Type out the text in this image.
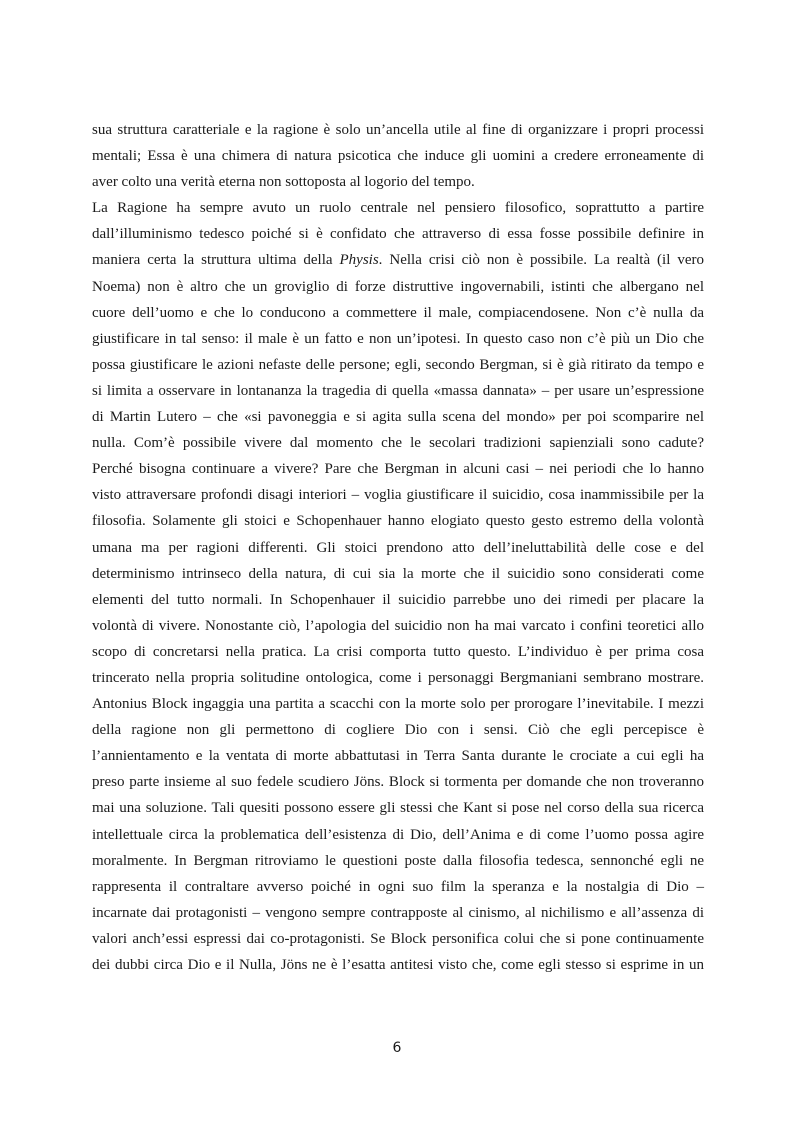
sua struttura caratteriale e la ragione è solo un’ancella utile al fine di organizzare i propri processi
mentali; Essa è una chimera di natura psicotica che induce gli uomini a credere erroneamente di
aver colto una verità eterna non sottoposta al logorio del tempo.
La Ragione ha sempre avuto un ruolo centrale nel pensiero filosofico, soprattutto a partire
dall’illuminismo tedesco poiché si è confidato che attraverso di essa fosse possibile definire in
maniera certa la struttura ultima della Physis. Nella crisi ciò non è possibile. La realtà (il vero
Noema) non è altro che un groviglio di forze distruttive ingovernabili, istinti che albergano nel
cuore dell’uomo e che lo conducono a commettere il male, compiacendosene. Non c’è nulla da
giustificare in tal senso: il male è un fatto e non un’ipotesi. In questo caso non c’è più un Dio che
possa giustificare le azioni nefaste delle persone; egli, secondo Bergman, si è già ritirato da tempo e
si limita a osservare in lontananza la tragedia di quella «massa dannata» – per usare un’espressione
di Martin Lutero – che «si pavoneggia e si agita sulla scena del mondo» per poi scomparire nel
nulla. Com’è possibile vivere dal momento che le secolari tradizioni sapienziali sono cadute?
Perché bisogna continuare a vivere? Pare che Bergman in alcuni casi – nei periodi che lo hanno
visto attraversare profondi disagi interiori – voglia giustificare il suicidio, cosa inammissibile per la
filosofia. Solamente gli stoici e Schopenhauer hanno elogiato questo gesto estremo della volontà
umana ma per ragioni differenti. Gli stoici prendono atto dell’ineluttabilità delle cose e del
determinismo intrinseco della natura, di cui sia la morte che il suicidio sono considerati come
elementi del tutto normali. In Schopenhauer il suicidio parrebbe uno dei rimedi per placare la
volontà di vivere. Nonostante ciò, l’apologia del suicidio non ha mai varcato i confini teoretici allo
scopo di concretarsi nella pratica. La crisi comporta tutto questo. L’individuo è per prima cosa
trincerato nella propria solitudine ontologica, come i personaggi Bergmaniani sembrano mostrare.
Antonius Block ingaggia una partita a scacchi con la morte solo per prorogare l’inevitabile. I mezzi
della ragione non gli permettono di cogliere Dio con i sensi. Ciò che egli percepisce è
l’annientamento e la ventata di morte abbattutasi in Terra Santa durante le crociate a cui egli ha
preso parte insieme al suo fedele scudiero Jöns. Block si tormenta per domande che non troveranno
mai una soluzione. Tali quesiti possono essere gli stessi che Kant si pose nel corso della sua ricerca
intellettuale circa la problematica dell’esistenza di Dio, dell’Anima e di come l’uomo possa agire
moralmente. In Bergman ritroviamo le questioni poste dalla filosofia tedesca, sennonché egli ne
rappresenta il contraltare avverso poiché in ogni suo film la speranza e la nostalgia di Dio –
incarnate dai protagonisti – vengono sempre contrapposte al cinismo, al nichilismo e all’assenza di
valori anch’essi espressi dai co-protagonisti. Se Block personifica colui che si pone continuamente
dei dubbi circa Dio e il Nulla, Jöns ne è l’esatta antitesi visto che, come egli stesso si esprime in un
6
